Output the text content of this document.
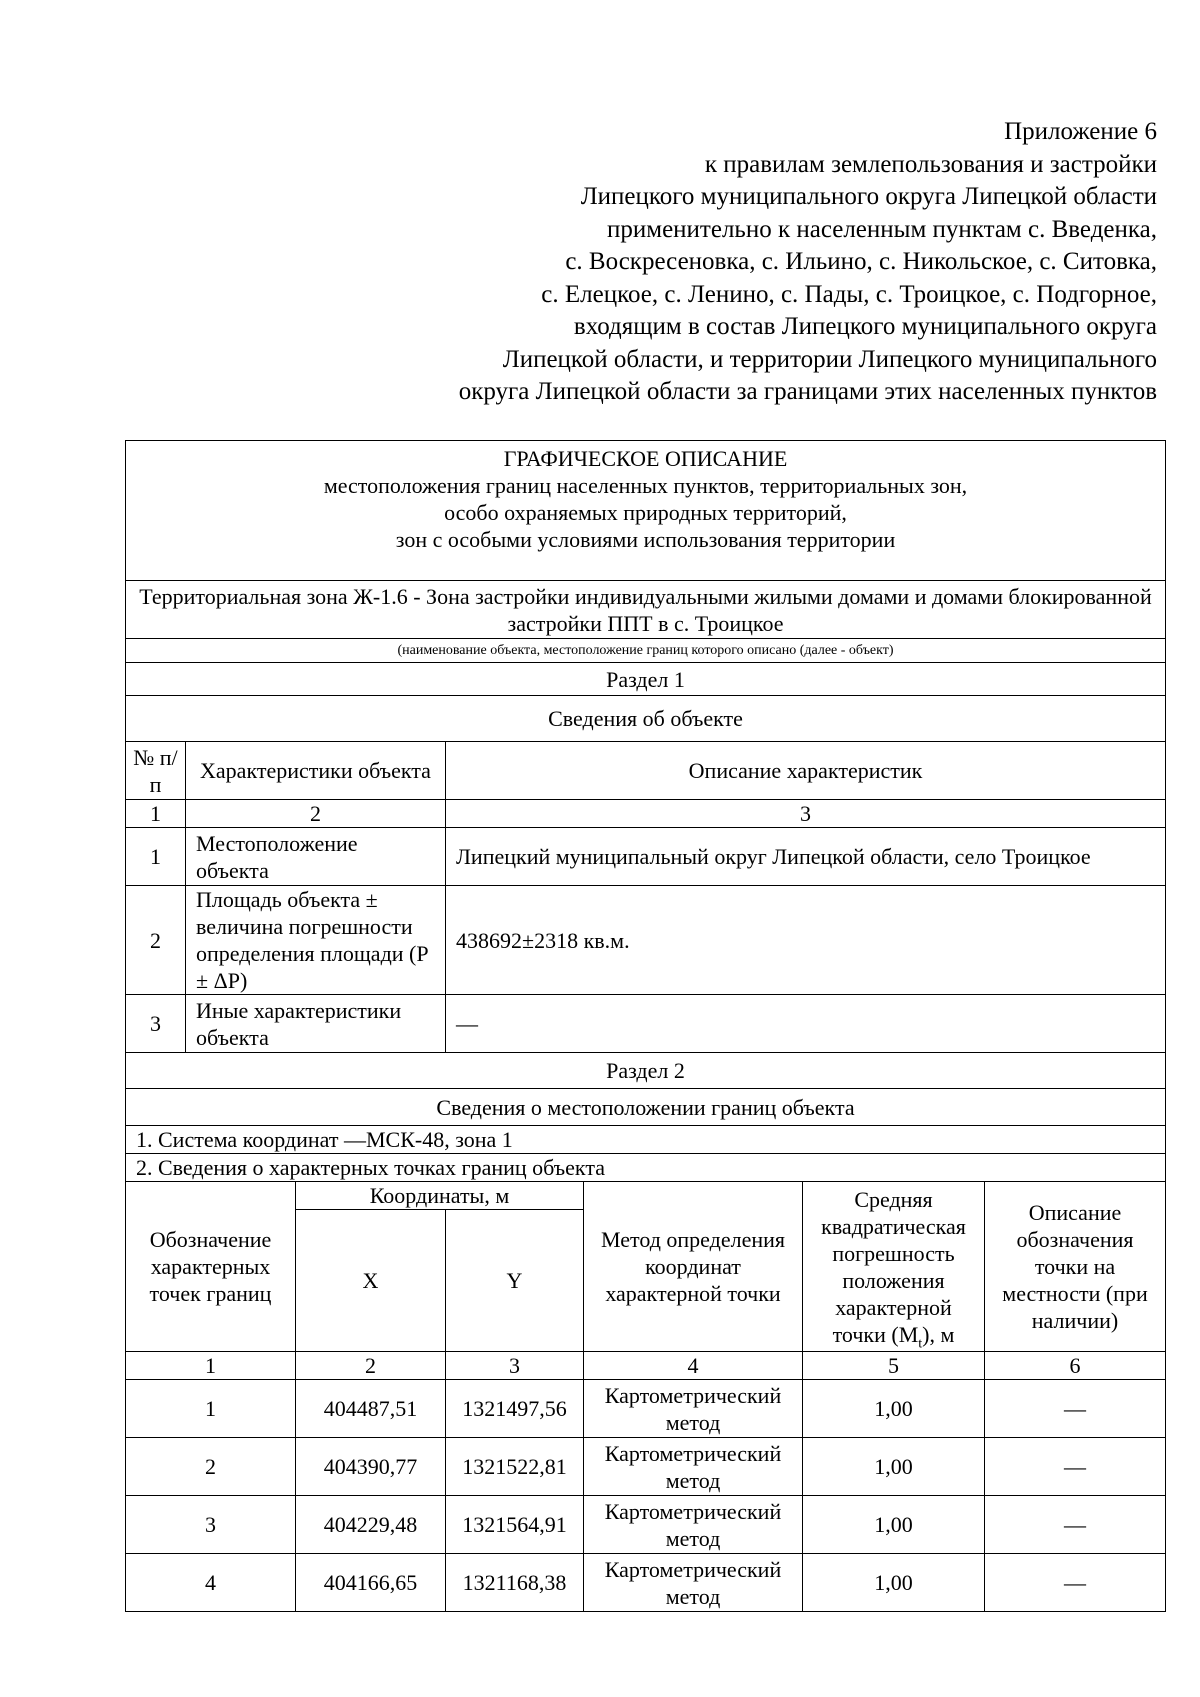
Приложение 6
к правилам землепользования и застройки
Липецкого муниципального округа Липецкой области
применительно к населенным пунктам с. Введенка,
с. Воскресеновка, с. Ильино, с. Никольское, с. Ситовка,
с. Елецкое, с. Ленино, с. Пады, с. Троицкое, с. Подгорное,
входящим в состав Липецкого муниципального округа
Липецкой области, и территории Липецкого муниципального
округа Липецкой области за границами этих населенных пунктов
ГРАФИЧЕСКОЕ ОПИСАНИЕ
местоположения границ населенных пунктов, территориальных зон,
особо охраняемых природных территорий,
зон с особыми условиями использования территории						

Территориальная зона Ж-1.6 - Зона застройки индивидуальными жилыми домами и домами блокированной застройки ППТ в с. Троицкое						
(наименование объекта, местоположение границ которого описано (далее - объект)						
Раздел 1						
Сведения об объекте						
№ п/п	Характеристики объекта		Описание характеристик			
1	2		3			
1	Местоположение объекта		Липецкий муниципальный округ Липецкой области, село Троицкое			
2	Площадь объекта ± величина погрешности определения площади (P ± ΔP)		438692±2318 кв.м.			
3	Иные характеристики объекта		—			
Раздел 2						
Сведения о местоположении границ объекта						
1. Система координат —МСК-48, зона 1						
2. Сведения о характерных точках границ объекта						
Обозначение характерных точек границ		Координаты, м		Метод определения координат характерной точки	Средняя квадратическая погрешность положения характерной точки $(M_t)$, м	Описание обозначения точки на местности (при наличии)
		X	Y			
1		2	3	4	5	6
1		404487,51	1321497,56	Картометрический метод	1,00	—
2		404390,77	1321522,81	Картометрический метод	1,00	—
3		404229,48	1321564,91	Картометрический метод	1,00	—
4		404166,65	1321168,38	Картометрический метод	1,00	—
